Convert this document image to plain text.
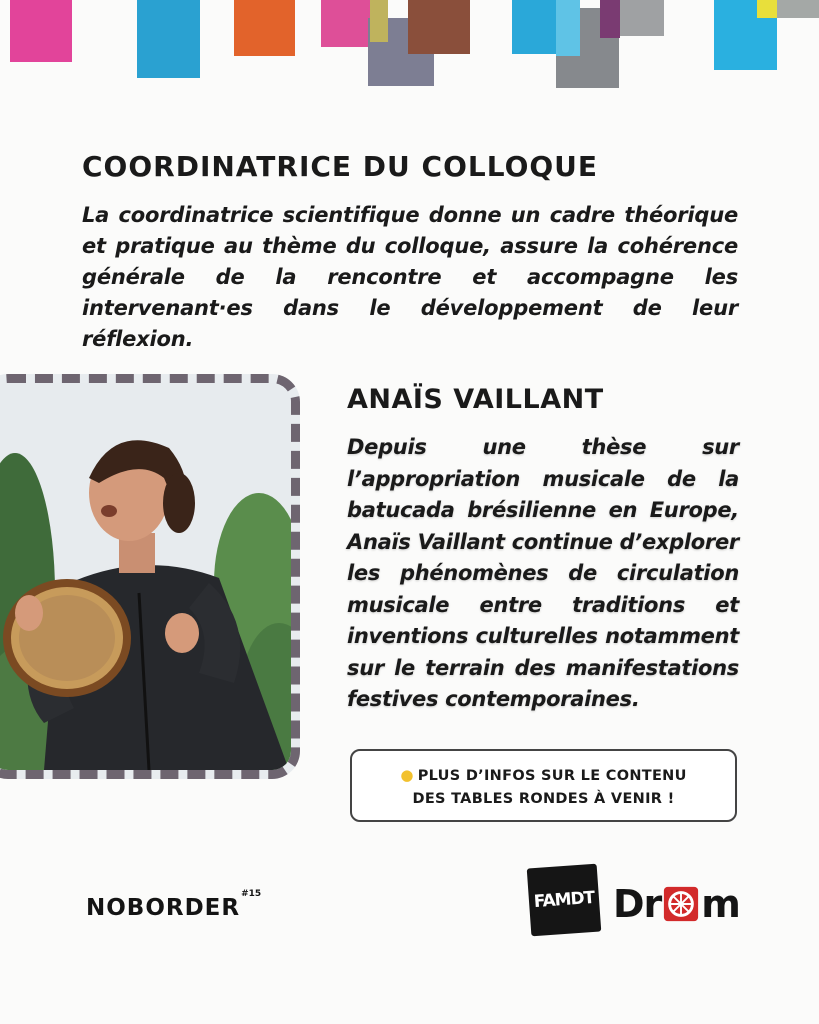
COORDINATRICE DU COLLOQUE

La coordinatrice scientifique donne un cadre théorique et pratique au thème du colloque, assure la cohérence générale de la rencontre et accompagne les intervenant·es dans le développement de leur réflexion.

ANAÏS VAILLANT

Depuis une thèse sur l’appropriation musicale de la batucada brésilienne en Europe, Anaïs Vaillant continue d’explorer les phénomènes de circulation musicale entre traditions et inventions culturelles notamment sur le terrain des manifestations festives contemporaines.

● PLUS D’INFOS SUR LE CONTENU
DES TABLES RONDES À VENIR !
NOBORDER$^{\#15}$	FAMDT Dr m
